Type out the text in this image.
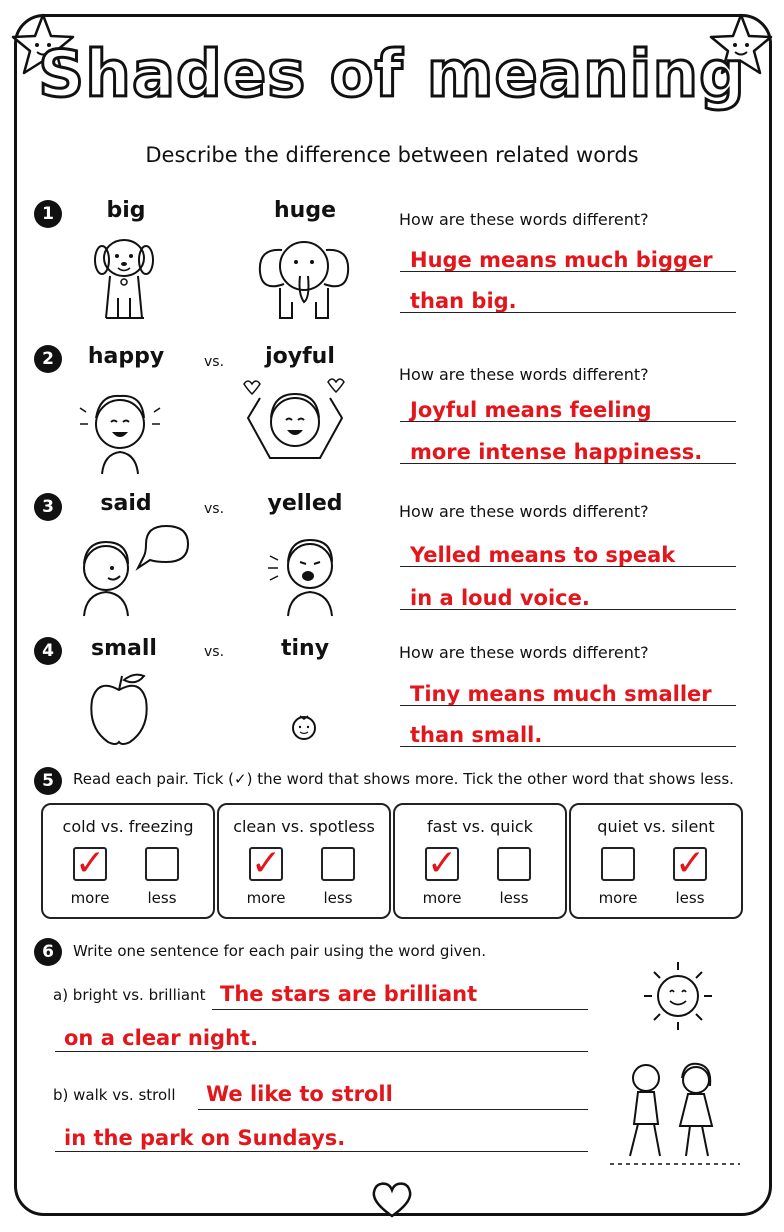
Shades of meaning
Describe the difference between related words
1	big	huge	How are these words different?
Huge means much bigger
than big.
2	happy	vs.	joyful
How are these words different?
Joyful means feeling
more intense happiness.
3	said	vs.	yelled	How are these words different?
Yelled means to speak
in a loud voice.
4	small	vs.	tiny	How are these words different?
Tiny means much smaller
than small.
5	Read each pair. Tick (✓) the word that shows more. Tick the other word that shows less.
cold vs. freezing
✓
more	less
clean vs. spotless
✓
more	less
fast vs. quick
✓
more	less
quiet vs. silent
✓
more	less
6	Write one sentence for each pair using the word given.
a) bright vs. brilliant The stars are brilliant
on a clear night.
b) walk vs. stroll We like to stroll
in the park on Sundays.
